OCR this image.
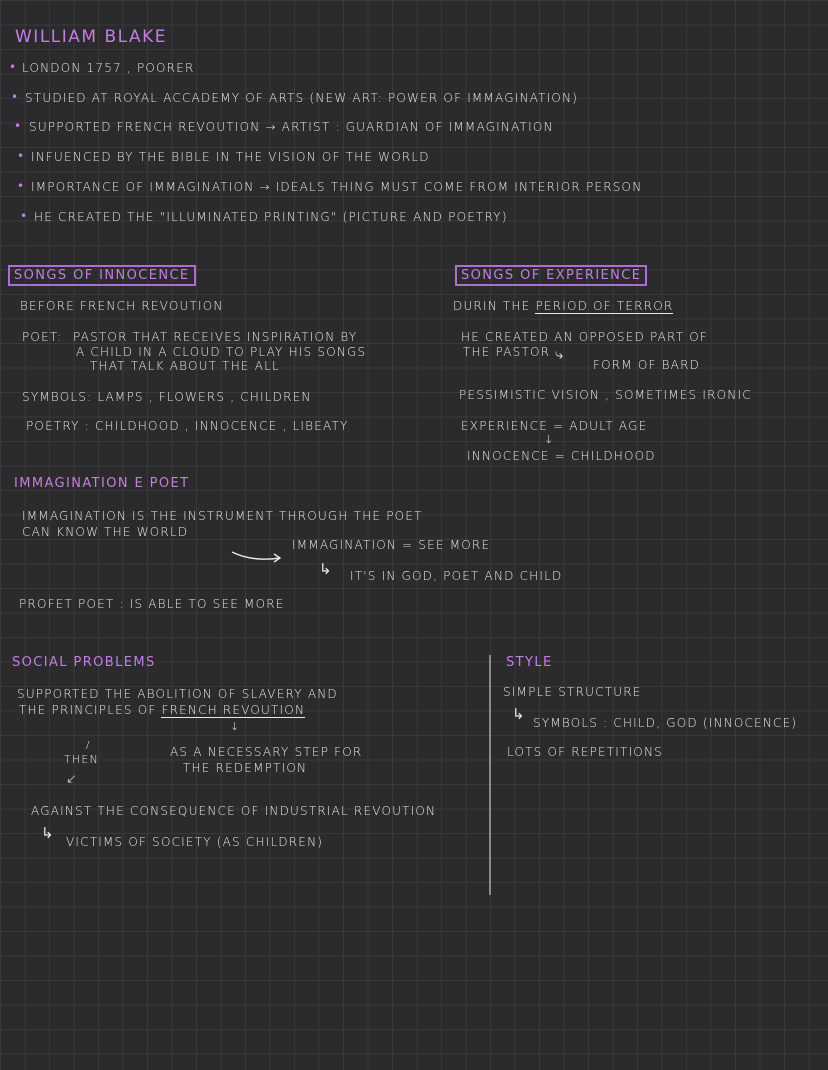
WILLIAM BLAKE
• LONDON 1757 , POORER
• STUDIED AT ROYAL ACCADEMY OF ARTS (NEW ART: POWER OF IMMAGINATION)
• SUPPORTED FRENCH REVOUTION → ARTIST : GUARDIAN OF IMMAGINATION
• INFUENCED BY THE BIBLE IN THE VISION OF THE WORLD
• IMPORTANCE OF IMMAGINATION → IDEALS THING MUST COME FROM INTERIOR PERSON
• HE CREATED THE "ILLUMINATED PRINTING" (PICTURE AND POETRY)
SONGS OF INNOCENCE
BEFORE FRENCH REVOUTION
POET: PASTOR THAT RECEIVES INSPIRATION BY
A CHILD IN A CLOUD TO PLAY HIS SONGS
THAT TALK ABOUT THE ALL
SYMBOLS: LAMPS , FLOWERS , CHILDREN
POETRY : CHILDHOOD , INNOCENCE , LIBEATY
SONGS OF EXPERIENCE
DURIN THE PERIOD OF TERROR
HE CREATED AN OPPOSED PART OF
THE PASTOR ⤷
FORM OF BARD
PESSIMISTIC VISION , SOMETIMES IRONIC
EXPERIENCE = ADULT AGE
↓
INNOCENCE = CHILDHOOD
IMMAGINATION E POET
IMMAGINATION IS THE INSTRUMENT THROUGH THE POET
CAN KNOW THE WORLD
IMMAGINATION = SEE MORE
↳ IT'S IN GOD, POET AND CHILD
PROFET POET : IS ABLE TO SEE MORE
SOCIAL PROBLEMS
SUPPORTED THE ABOLITION OF SLAVERY AND
THE PRINCIPLES OF FRENCH REVOUTION
↓
/
THEN
↙
AS A NECESSARY STEP FOR
THE REDEMPTION
AGAINST THE CONSEQUENCE OF INDUSTRIAL REVOUTION
↳ VICTIMS OF SOCIETY (AS CHILDREN)
STYLE
SIMPLE STRUCTURE
↳ SYMBOLS : CHILD, GOD (INNOCENCE)
LOTS OF REPETITIONS
